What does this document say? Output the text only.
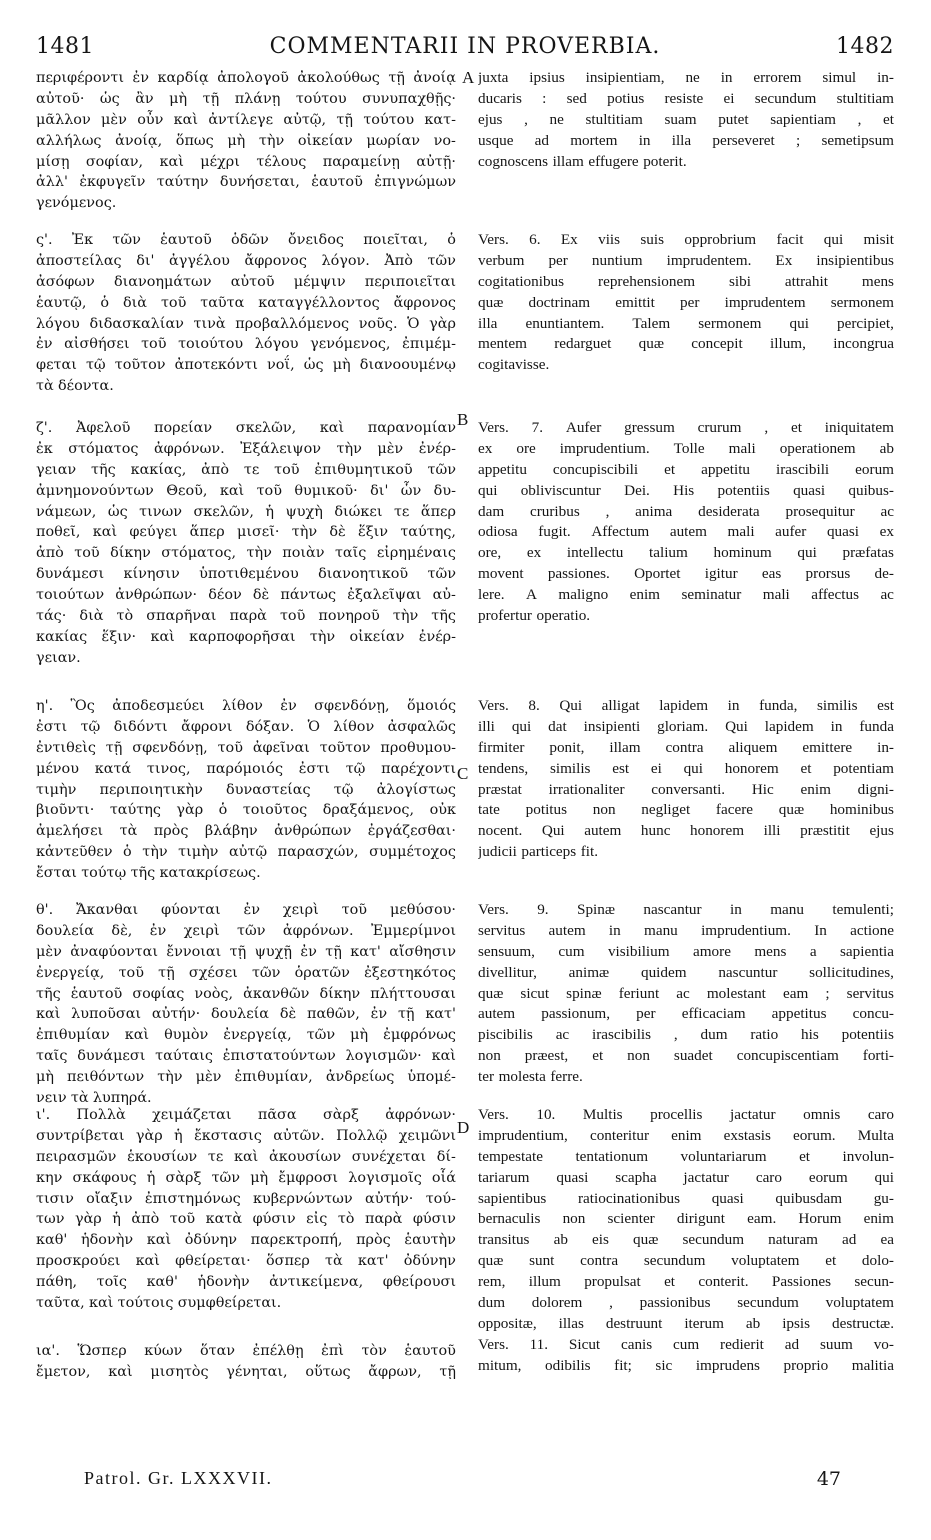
1481	COMMENTARII IN PROVERBIA.	1482
περιφέροντι ἐν καρδίᾳ ἀπολογοῦ ἀκολούθως τῇ ἀνοίᾳ
αὐτοῦ· ὡς ἂν μὴ τῇ πλάνῃ τούτου συνυπαχθῇς·
μᾶλλον μὲν οὖν καὶ ἀντίλεγε αὐτῷ, τῇ τούτου κατ-
αλλήλως ἀνοίᾳ, ὅπως μὴ τὴν οἰκείαν μωρίαν νο-
μίσῃ σοφίαν, καὶ μέχρι τέλους παραμείνῃ αὐτῇ·
ἀλλ' ἐκφυγεῖν ταύτην δυνήσεται, ἑαυτοῦ ἐπιγνώμων
γενόμενος.
ς'. Ἐκ τῶν ἑαυτοῦ ὁδῶν ὄνειδος ποιεῖται, ὁ
ἀποστείλας δι' ἀγγέλου ἄφρονος λόγον. Ἀπὸ τῶν
ἀσόφων διανοημάτων αὐτοῦ μέμψιν περιποιεῖται
ἑαυτῷ, ὁ διὰ τοῦ ταῦτα καταγγέλλοντος ἄφρονος
λόγου διδασκαλίαν τινὰ προβαλλόμενος νοῦς. Ὁ γὰρ
ἐν αἰσθήσει τοῦ τοιούτου λόγου γενόμενος, ἐπιμέμ-
φεται τῷ τοῦτον ἀποτεκόντι νοΐ, ὡς μὴ διανοουμένῳ
τὰ δέοντα.
ζ'. Ἀφελοῦ πορείαν σκελῶν, καὶ παρανομίαν
ἐκ στόματος ἀφρόνων. Ἐξάλειψον τὴν μὲν ἐνέρ-
γειαν τῆς κακίας, ἀπὸ τε τοῦ ἐπιθυμητικοῦ τῶν
ἀμνημονούντων Θεοῦ, καὶ τοῦ θυμικοῦ· δι' ὧν δυ-
νάμεων, ὡς τινων σκελῶν, ἡ ψυχὴ διώκει τε ἅπερ
ποθεῖ, καὶ φεύγει ἅπερ μισεῖ· τὴν δὲ ἕξιν ταύτης,
ἀπὸ τοῦ δίκην στόματος, τὴν ποιὰν ταῖς εἰρημέναις
δυνάμεσι κίνησιν ὑποτιθεμένου διανοητικοῦ τῶν
τοιούτων ἀνθρώπων· δέον δὲ πάντως ἐξαλεῖψαι αὐ-
τάς· διὰ τὸ σπαρῆναι παρὰ τοῦ πονηροῦ τὴν τῆς
κακίας ἕξιν· καὶ καρποφορῆσαι τὴν οἰκείαν ἐνέρ-
γειαν.
η'. Ὃς ἀποδεσμεύει λίθον ἐν σφενδόνῃ, ὅμοιός
ἐστι τῷ διδόντι ἄφρονι δόξαν. Ὁ λίθον ἀσφαλῶς
ἐντιθεὶς τῇ σφενδόνῃ, τοῦ ἀφεῖναι τοῦτον προθυμου-
μένου κατά τινος, παρόμοιός ἐστι τῷ παρέχοντι
τιμὴν περιποιητικὴν δυναστείας τῷ ἀλογίστως
βιοῦντι· ταύτης γὰρ ὁ τοιοῦτος δραξάμενος, οὐκ
ἀμελήσει τὰ πρὸς βλάβην ἀνθρώπων ἐργάζεσθαι·
κἀντεῦθεν ὁ τὴν τιμὴν αὐτῷ παρασχών, συμμέτοχος
ἔσται τούτῳ τῆς κατακρίσεως.
θ'. Ἄκανθαι φύονται ἐν χειρὶ τοῦ μεθύσου·
δουλεία δὲ, ἐν χειρὶ τῶν ἀφρόνων. Ἐμμερίμνοι
μὲν ἀναφύονται ἔννοιαι τῇ ψυχῇ ἐν τῇ κατ' αἴσθησιν
ἐνεργείᾳ, τοῦ τῇ σχέσει τῶν ὁρατῶν ἐξεστηκότος
τῆς ἑαυτοῦ σοφίας νοὸς, ἀκανθῶν δίκην πλήττουσαι
καὶ λυποῦσαι αὐτήν· δουλεία δὲ παθῶν, ἐν τῇ κατ'
ἐπιθυμίαν καὶ θυμὸν ἐνεργείᾳ, τῶν μὴ ἐμφρόνως
ταῖς δυνάμεσι ταύταις ἐπιστατούντων λογισμῶν· καὶ
μὴ πειθόντων τὴν μὲν ἐπιθυμίαν, ἀνδρείως ὑπομέ-
νειν τὰ λυπηρά.
ι'. Πολλὰ χειμάζεται πᾶσα σὰρξ ἀφρόνων·
συντρίβεται γὰρ ἡ ἔκστασις αὐτῶν. Πολλῷ χειμῶνι
πειρασμῶν ἑκουσίων τε καὶ ἀκουσίων συνέχεται δί-
κην σκάφους ἡ σὰρξ τῶν μὴ ἔμφροσι λογισμοῖς οἷά
τισιν οἴαξιν ἐπιστημόνως κυβερνώντων αὐτήν· τού-
των γὰρ ἡ ἀπὸ τοῦ κατὰ φύσιν εἰς τὸ παρὰ φύσιν
καθ' ἡδονὴν καὶ ὀδύνην παρεκτροπή, πρὸς ἑαυτὴν
προσκρούει καὶ φθείρεται· ὅσπερ τὰ κατ' ὀδύνην
πάθη, τοῖς καθ' ἡδονὴν ἀντικείμενα, φθείρουσι
ταῦτα, καὶ τούτοις συμφθείρεται.
ια'. Ὥσπερ κύων ὅταν ἐπέλθῃ ἐπὶ τὸν ἑαυτοῦ
ἔμετον, καὶ μισητὸς γένηται, οὕτως ἄφρων, τῇ
juxta ipsius insipientiam, ne in errorem simul in-
ducaris : sed potius resiste ei secundum stultitiam
ejus , ne stultitiam suam putet sapientiam , et
usque ad mortem in illa perseveret ; semetipsum
cognoscens illam effugere poterit.
Vers. 6. Ex viis suis opprobrium facit qui misit
verbum per nuntium imprudentem. Ex insipientibus
cogitationibus reprehensionem sibi attrahit mens
quæ doctrinam emittit per imprudentem sermonem
illa enuntiantem. Talem sermonem qui percipiet,
mentem redarguet quæ concepit illum, incongrua
cogitavisse.
Vers. 7. Aufer gressum crurum , et iniquitatem
ex ore imprudentium. Tolle mali operationem ab
appetitu concupiscibili et appetitu irascibili eorum
qui obliviscuntur Dei. His potentiis quasi quibus-
dam cruribus , anima desiderata prosequitur ac
odiosa fugit. Affectum autem mali aufer quasi ex
ore, ex intellectu talium hominum qui præfatas
movent passiones. Oportet igitur eas prorsus de-
lere. A maligno enim seminatur mali affectus ac
profertur operatio.
Vers. 8. Qui alligat lapidem in funda, similis est
illi qui dat insipienti gloriam. Qui lapidem in funda
firmiter ponit, illam contra aliquem emittere in-
tendens, similis est ei qui honorem et potentiam
præstat irrationaliter conversanti. Hic enim digni-
tate potitus non negliget facere quæ hominibus
nocent. Qui autem hunc honorem illi præstitit ejus
judicii particeps fit.
Vers. 9. Spinæ nascantur in manu temulenti;
servitus autem in manu imprudentium. In actione
sensuum, cum visibilium amore mens a sapientia
divellitur, animæ quidem nascuntur sollicitudines,
quæ sicut spinæ feriunt ac molestant eam ; servitus
autem passionum, per efficaciam appetitus concu-
piscibilis ac irascibilis , dum ratio his potentiis
non præest, et non suadet concupiscentiam forti-
ter molesta ferre.
Vers. 10. Multis procellis jactatur omnis caro
imprudentium, conteritur enim exstasis eorum. Multa
tempestate tentationum voluntariarum et involun-
tariarum quasi scapha jactatur caro eorum qui
sapientibus ratiocinationibus quasi quibusdam gu-
bernaculis non scienter dirigunt eam. Horum enim
transitus ab eis quæ secundum naturam ad ea
quæ sunt contra secundum voluptatem et dolo-
rem, illum propulsat et conterit. Passiones secun-
dum dolorem , passionibus secundum voluptatem
oppositæ, illas destruunt iterum ab ipsis destructæ.
Vers. 11. Sicut canis cum redierit ad suum vo-
mitum, odibilis fit; sic imprudens proprio malitia
A
B
C
D
Patrol. Gr. LXXXVII.	47
